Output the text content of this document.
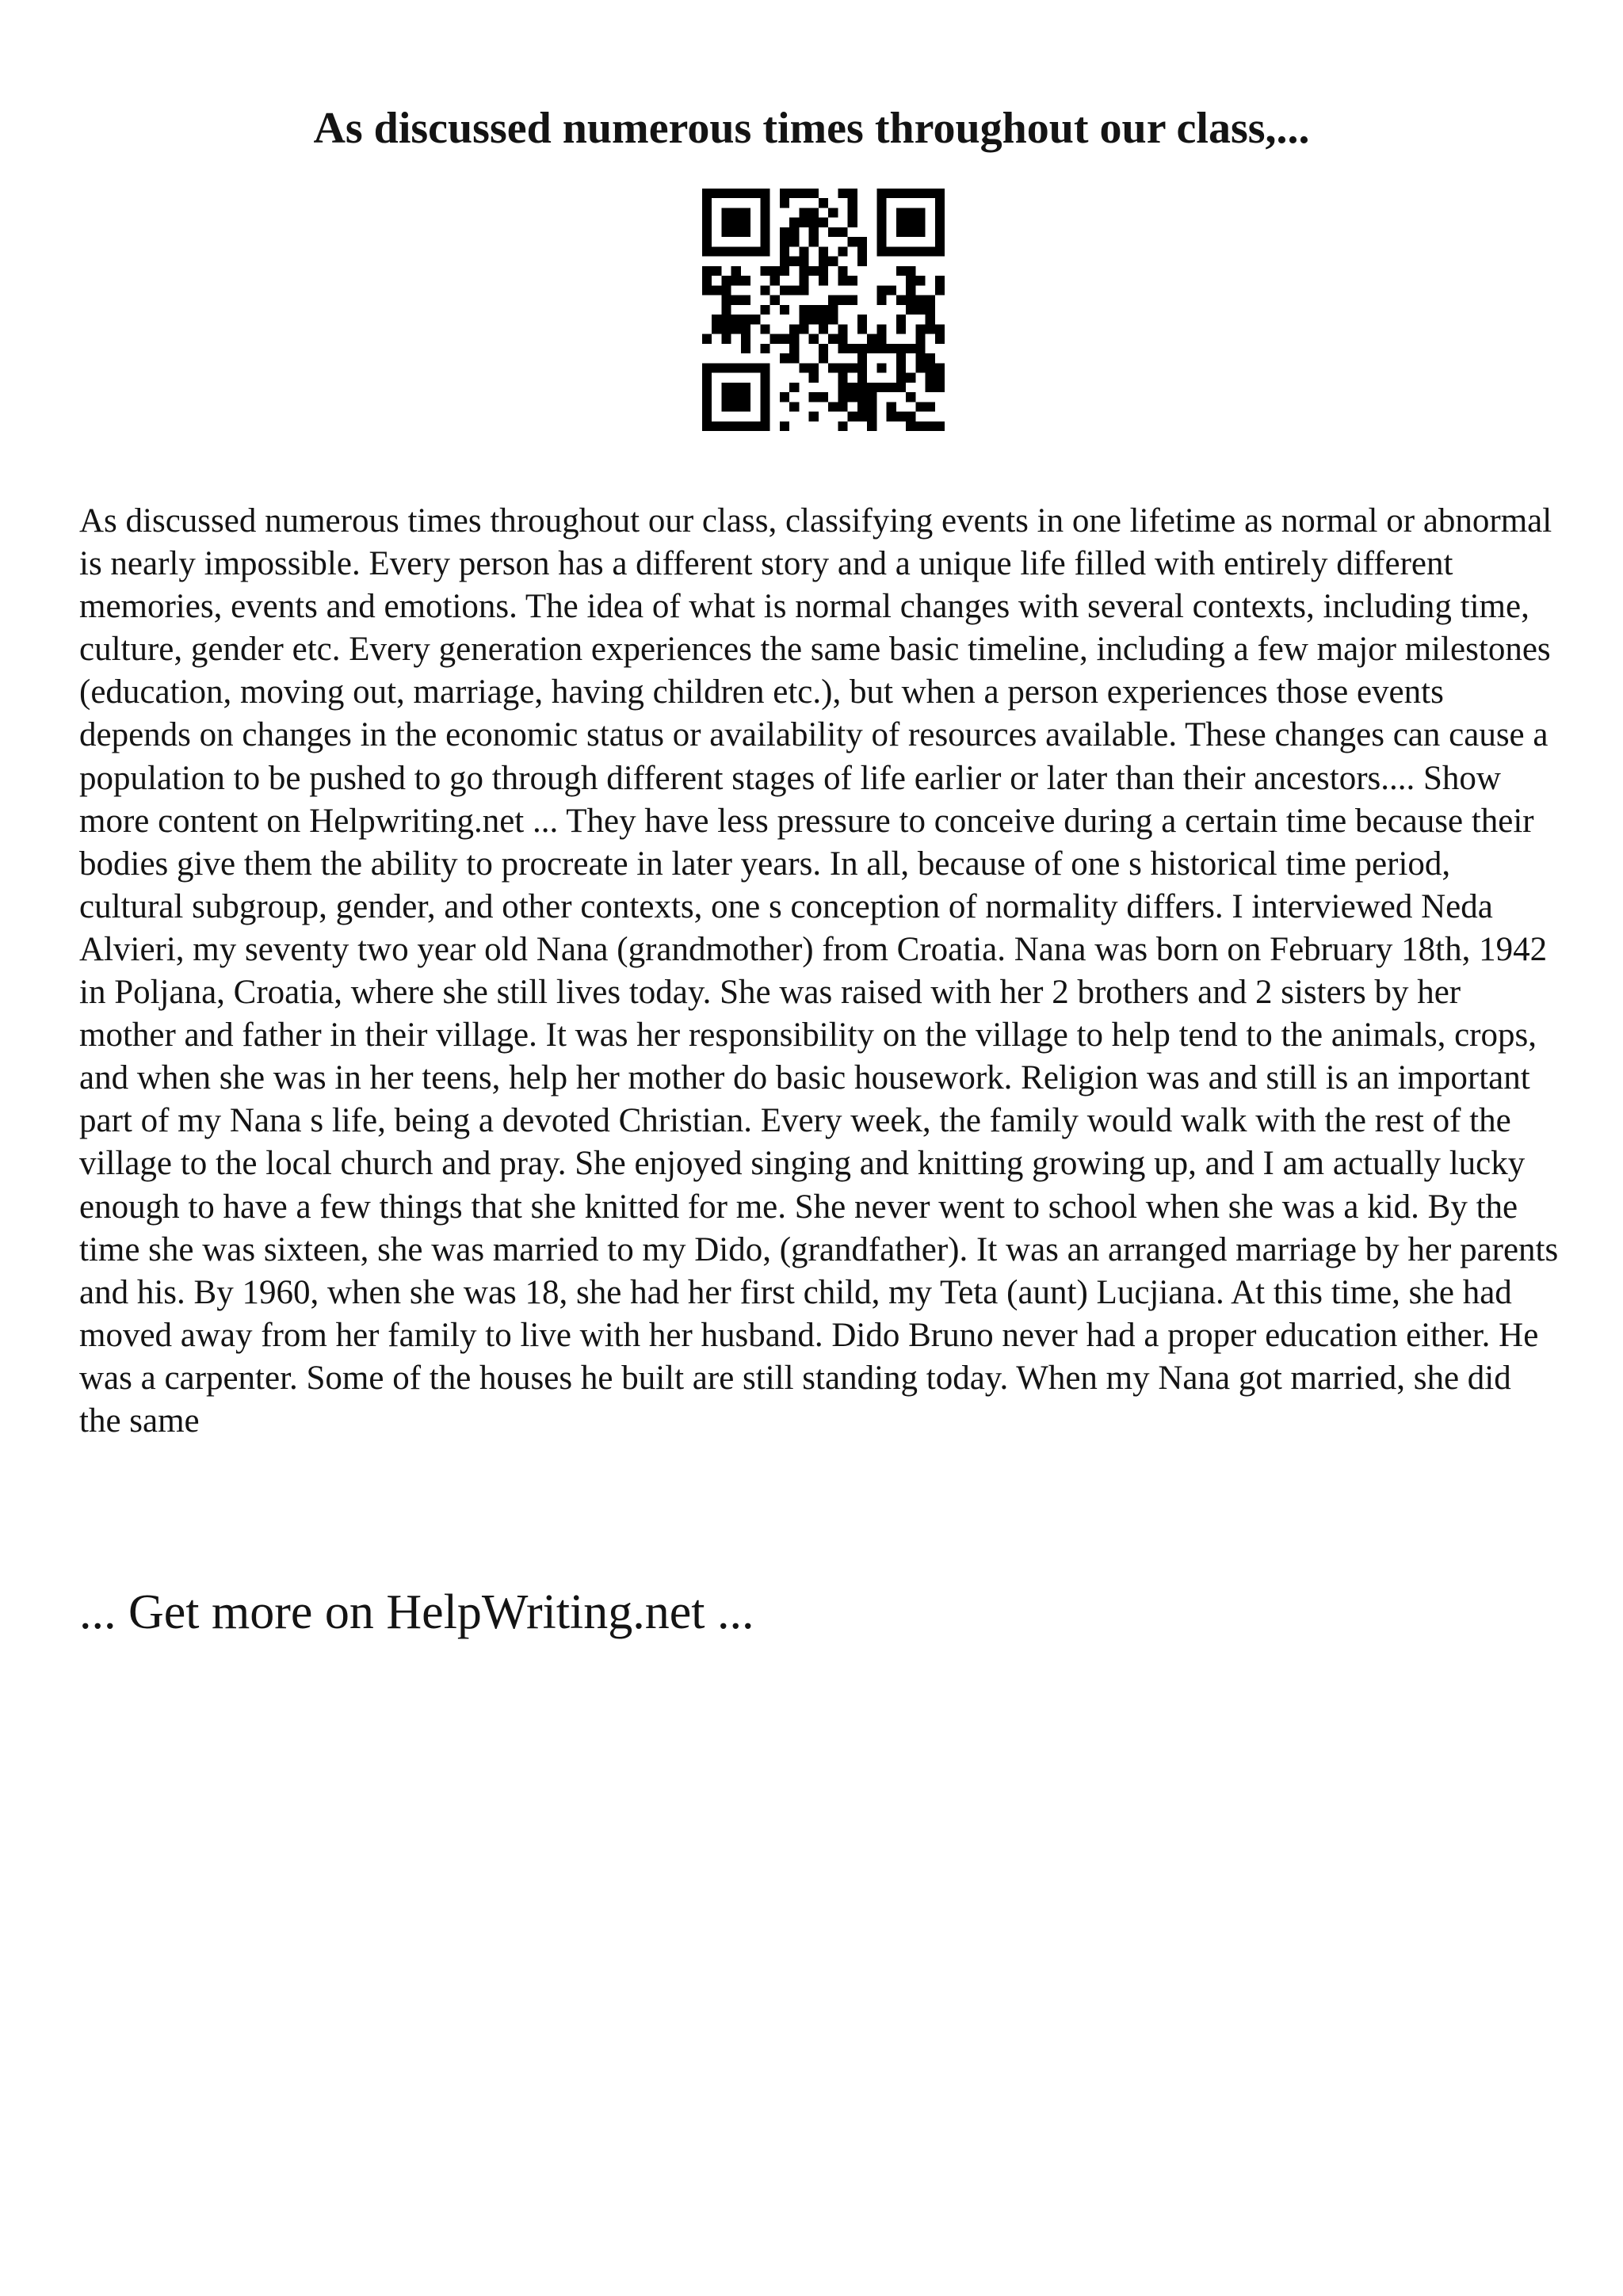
As discussed numerous times throughout our class,...

As discussed numerous times throughout our class, classifying events in one lifetime as normal or abnormal is nearly impossible. Every person has a different story and a unique life filled with entirely different memories, events and emotions. The idea of what is normal changes with several contexts, including time, culture, gender etc. Every generation experiences the same basic timeline, including a few major milestones (education, moving out, marriage, having children etc.), but when a person experiences those events depends on changes in the economic status or availability of resources available. These changes can cause a population to be pushed to go through different stages of life earlier or later than their ancestors.... Show more content on Helpwriting.net ... They have less pressure to conceive during a certain time because their bodies give them the ability to procreate in later years. In all, because of one s historical time period, cultural subgroup, gender, and other contexts, one s conception of normality differs. I interviewed Neda Alvieri, my seventy two year old Nana (grandmother) from Croatia. Nana was born on February 18th, 1942 in Poljana, Croatia, where she still lives today. She was raised with her 2 brothers and 2 sisters by her mother and father in their village. It was her responsibility on the village to help tend to the animals, crops, and when she was in her teens, help her mother do basic housework. Religion was and still is an important part of my Nana s life, being a devoted Christian. Every week, the family would walk with the rest of the village to the local church and pray. She enjoyed singing and knitting growing up, and I am actually lucky enough to have a few things that she knitted for me. She never went to school when she was a kid. By the time she was sixteen, she was married to my Dido, (grandfather). It was an arranged marriage by her parents and his. By 1960, when she was 18, she had her first child, my Teta (aunt) Lucjiana. At this time, she had moved away from her family to live with her husband. Dido Bruno never had a proper education either. He was a carpenter. Some of the houses he built are still standing today. When my Nana got married, she did the same

... Get more on HelpWriting.net ...
